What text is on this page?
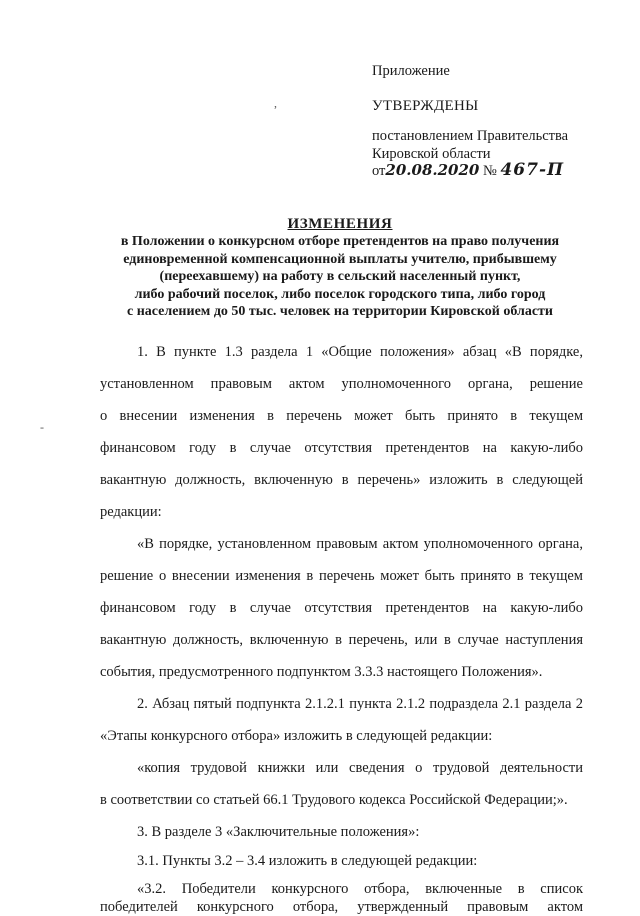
Приложение
УТВЕРЖДЕНЫ
постановлением Правительства
Кировской области
от20.08.2020 № 467-П
,
-
ИЗМЕНЕНИЯ
в Положении о конкурсном отборе претендентов на право получения
единовременной компенсационной выплаты учителю, прибывшему
(переехавшему) на работу в сельский населенный пункт,
либо рабочий поселок, либо поселок городского типа, либо город
с населением до 50 тыс. человек на территории Кировской области
1. В пункте 1.3 раздела 1 «Общие положения» абзац «В порядке,
установленном правовым актом уполномоченного органа, решение
о внесении изменения в перечень может быть принято в текущем
финансовом году в случае отсутствия претендентов на какую-либо
вакантную должность, включенную в перечень» изложить в следующей
редакции:
«В порядке, установленном правовым актом уполномоченного органа,
решение о внесении изменения в перечень может быть принято в текущем
финансовом году в случае отсутствия претендентов на какую-либо
вакантную должность, включенную в перечень, или в случае наступления
события, предусмотренного подпунктом 3.3.3 настоящего Положения».
2. Абзац пятый подпункта 2.1.2.1 пункта 2.1.2 подраздела 2.1 раздела 2
«Этапы конкурсного отбора» изложить в следующей редакции:
«копия трудовой книжки или сведения о трудовой деятельности
в соответствии со статьей 66.1 Трудового кодекса Российской Федерации;».
3. В разделе 3 «Заключительные положения»:
3.1. Пункты 3.2 – 3.4 изложить в следующей редакции:
«3.2. Победители конкурсного отбора, включенные в список
победителей конкурсного отбора, утвержденный правовым актом
